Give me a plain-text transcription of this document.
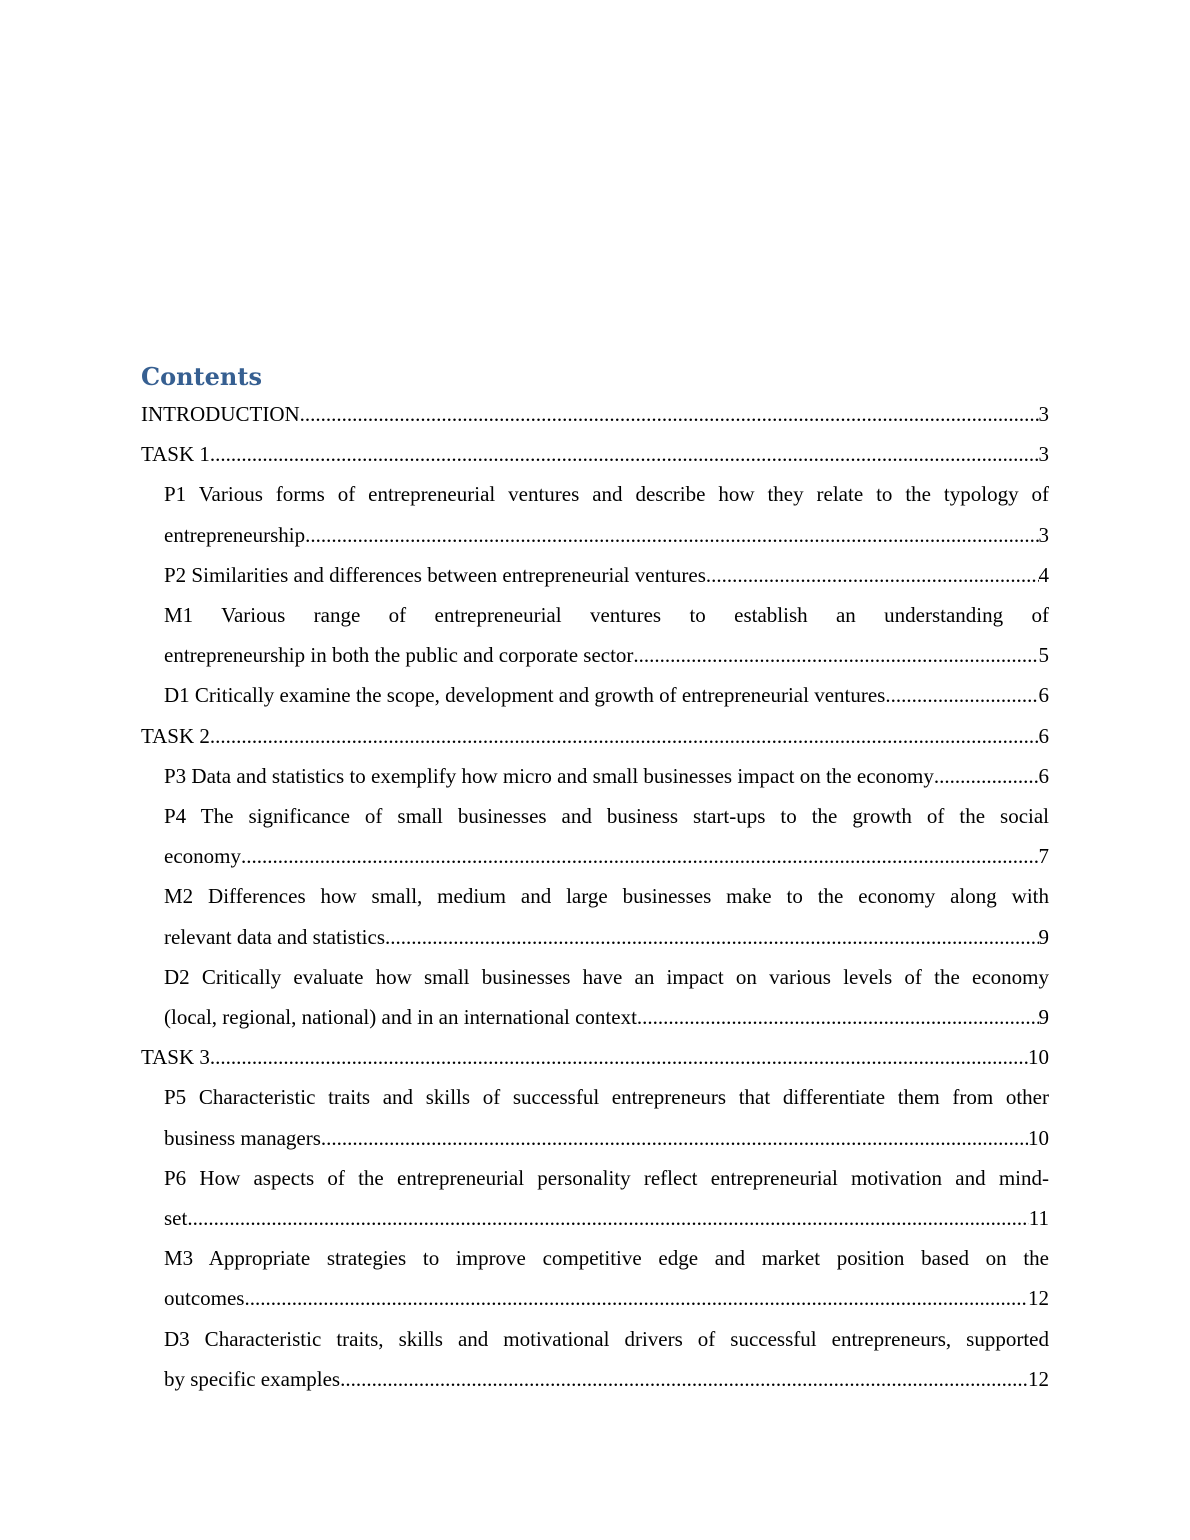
Contents
INTRODUCTION .....	3
TASK 1 .....	3
P1 Various forms of entrepreneurial ventures and describe how they relate to the typology of
entrepreneurship .....	3
P2 Similarities and differences between entrepreneurial ventures .....	4
M1 Various range of entrepreneurial ventures to establish an understanding of
entrepreneurship in both the public and corporate sector .....	5
D1 Critically examine the scope, development and growth of entrepreneurial ventures .....	6
TASK 2 .....	6
P3 Data and statistics to exemplify how micro and small businesses impact on the economy .....	6
P4 The significance of small businesses and business start-ups to the growth of the social
economy .....	7
M2 Differences how small, medium and large businesses make to the economy along with
relevant data and statistics .....	9
D2 Critically evaluate how small businesses have an impact on various levels of the economy
(local, regional, national) and in an international context .....	9
TASK 3 .....	10
P5 Characteristic traits and skills of successful entrepreneurs that differentiate them from other
business managers .....	10
P6 How aspects of the entrepreneurial personality reflect entrepreneurial motivation and mind-
set .....	11
M3 Appropriate strategies to improve competitive edge and market position based on the
outcomes .....	12
D3 Characteristic traits, skills and motivational drivers of successful entrepreneurs, supported
by specific examples .....	12
